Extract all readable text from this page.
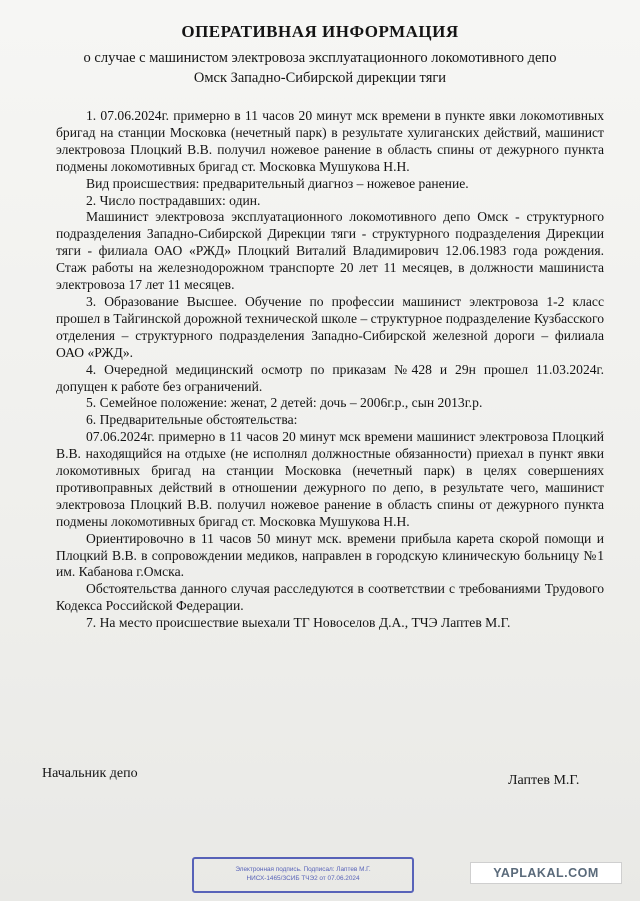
ОПЕРАТИВНАЯ ИНФОРМАЦИЯ
о случае с машинистом электровоза эксплуатационного локомотивного депо
Омск Западно-Сибирской дирекции тяги

1. 07.06.2024г. примерно в 11 часов 20 минут мск времени в пункте явки локомотивных бригад на станции Московка (нечетный парк) в результате хулиганских действий, машинист электровоза Плоцкий В.В. получил ножевое ранение в область спины от дежурного пункта подмены локомотивных бригад ст. Московка Мушукова Н.Н.

Вид происшествия: предварительный диагноз – ножевое ранение.

2. Число пострадавших: один.

Машинист электровоза эксплуатационного локомотивного депо Омск - структурного подразделения Западно-Сибирской Дирекции тяги - структурного подразделения Дирекции тяги - филиала ОАО «РЖД» Плоцкий Виталий Владимирович 12.06.1983 года рождения. Стаж работы на железнодорожном транспорте 20 лет 11 месяцев, в должности машиниста электровоза 17 лет 11 месяцев.

3. Образование Высшее. Обучение по профессии машинист электровоза 1-2 класс прошел в Тайгинской дорожной технической школе – структурное подразделение Кузбасского отделения – структурного подразделения Западно-Сибирской железной дороги – филиала ОАО «РЖД».

4. Очередной медицинский осмотр по приказам №428 и 29н прошел 11.03.2024г. допущен к работе без ограничений.

5. Семейное положение: женат, 2 детей: дочь – 2006г.р., сын 2013г.р.

6. Предварительные обстоятельства:

07.06.2024г. примерно в 11 часов 20 минут мск времени машинист электровоза Плоцкий В.В. находящийся на отдыхе (не исполнял должностные обязанности) приехал в пункт явки локомотивных бригад на станции Московка (нечетный парк) в целях совершениях противоправных действий в отношении дежурного по депо, в результате чего, машинист электровоза Плоцкий В.В. получил ножевое ранение в область спины от дежурного пункта подмены локомотивных бригад ст. Московка Мушукова Н.Н.

Ориентировочно в 11 часов 50 минут мск. времени прибыла карета скорой помощи и Плоцкий В.В. в сопровождении медиков, направлен в городскую клиническую больницу №1 им. Кабанова г.Омска.

Обстоятельства данного случая расследуются в соответствии с требованиями Трудового Кодекса Российской Федерации.

7. На место происшествие выехали ТГ Новоселов Д.А., ТЧЭ Лаптев М.Г.

Начальник депо	Лаптев М.Г.
Электронная подпись. Подписал: Лаптев М.Г.
НИСХ-1465/ЗСИБ ТЧЭ2 от 07.06.2024	YAPLAKAL.COM
